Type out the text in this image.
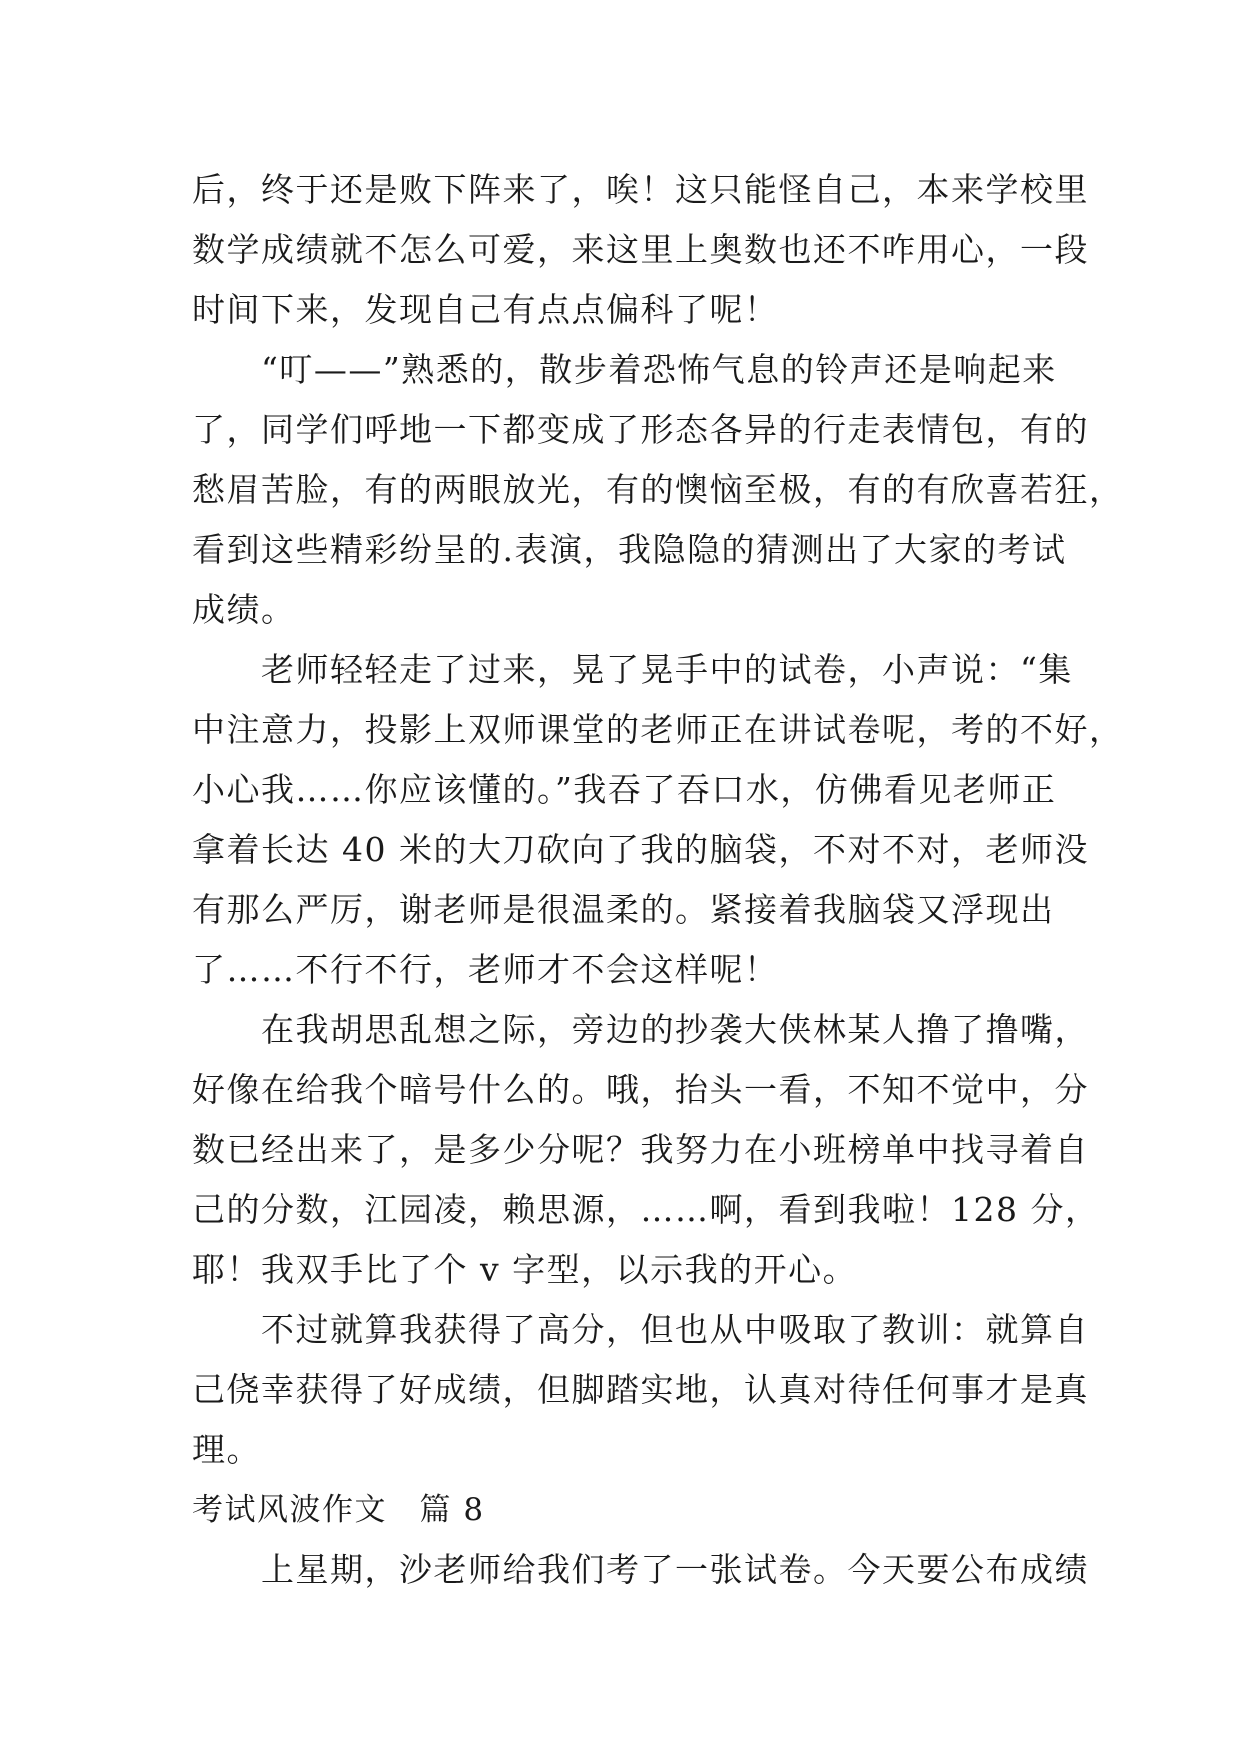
后，终于还是败下阵来了，唉！这只能怪自己，本来学校里
数学成绩就不怎么可爱，来这里上奥数也还不咋用心，一段
时间下来，发现自己有点点偏科了呢！
　　“叮——”熟悉的，散步着恐怖气息的铃声还是响起来
了，同学们呼地一下都变成了形态各异的行走表情包，有的
愁眉苦脸，有的两眼放光，有的懊恼至极，有的有欣喜若狂，
看到这些精彩纷呈的.表演，我隐隐的猜测出了大家的考试
成绩。
　　老师轻轻走了过来，晃了晃手中的试卷，小声说：“集
中注意力，投影上双师课堂的老师正在讲试卷呢，考的不好，
小心我……你应该懂的。”我吞了吞口水，仿佛看见老师正
拿着长达 40 米的大刀砍向了我的脑袋，不对不对，老师没
有那么严厉，谢老师是很温柔的。紧接着我脑袋又浮现出
了……不行不行，老师才不会这样呢！
　　在我胡思乱想之际，旁边的抄袭大侠林某人撸了撸嘴，
好像在给我个暗号什么的。哦，抬头一看，不知不觉中，分
数已经出来了，是多少分呢？我努力在小班榜单中找寻着自
己的分数，江园凌，赖思源，……啊，看到我啦！128 分，
耶！我双手比了个 v 字型，以示我的开心。
　　不过就算我获得了高分，但也从中吸取了教训：就算自
己侥幸获得了好成绩，但脚踏实地，认真对待任何事才是真
理。
考试风波作文　篇 8
　　上星期，沙老师给我们考了一张试卷。今天要公布成绩
